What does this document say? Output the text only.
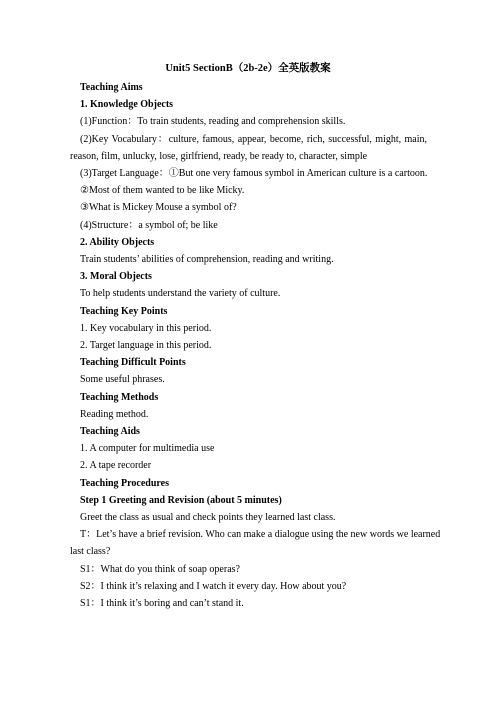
Unit5 SectionB（2b-2e）全英版教案
Teaching Aims
1. Knowledge Objects
(1)Function：To train students, reading and comprehension skills.
(2)Key Vocabulary：culture, famous, appear, become, rich, successful, might, main,
reason, film, unlucky, lose, girlfriend, ready, be ready to, character, simple
(3)Target Language：①But one very famous symbol in American culture is a cartoon.
②Most of them wanted to be like Micky.
③What is Mickey Mouse a symbol of?
(4)Structure：a symbol of; be like
2. Ability Objects
Train students’ abilities of comprehension, reading and writing.
3. Moral Objects
To help students understand the variety of culture.
Teaching Key Points
1. Key vocabulary in this period.
2. Target language in this period.
Teaching Difficult Points
Some useful phrases.
Teaching Methods
Reading method.
Teaching Aids
1. A computer for multimedia use
2. A tape recorder
Teaching Procedures
Step 1 Greeting and Revision (about 5 minutes)
Greet the class as usual and check points they learned last class.
T：Let’s have a brief revision. Who can make a dialogue using the new words we learned
last class?
S1：What do you think of soap operas?
S2：I think it’s relaxing and I watch it every day. How about you?
S1：I think it’s boring and can’t stand it.
